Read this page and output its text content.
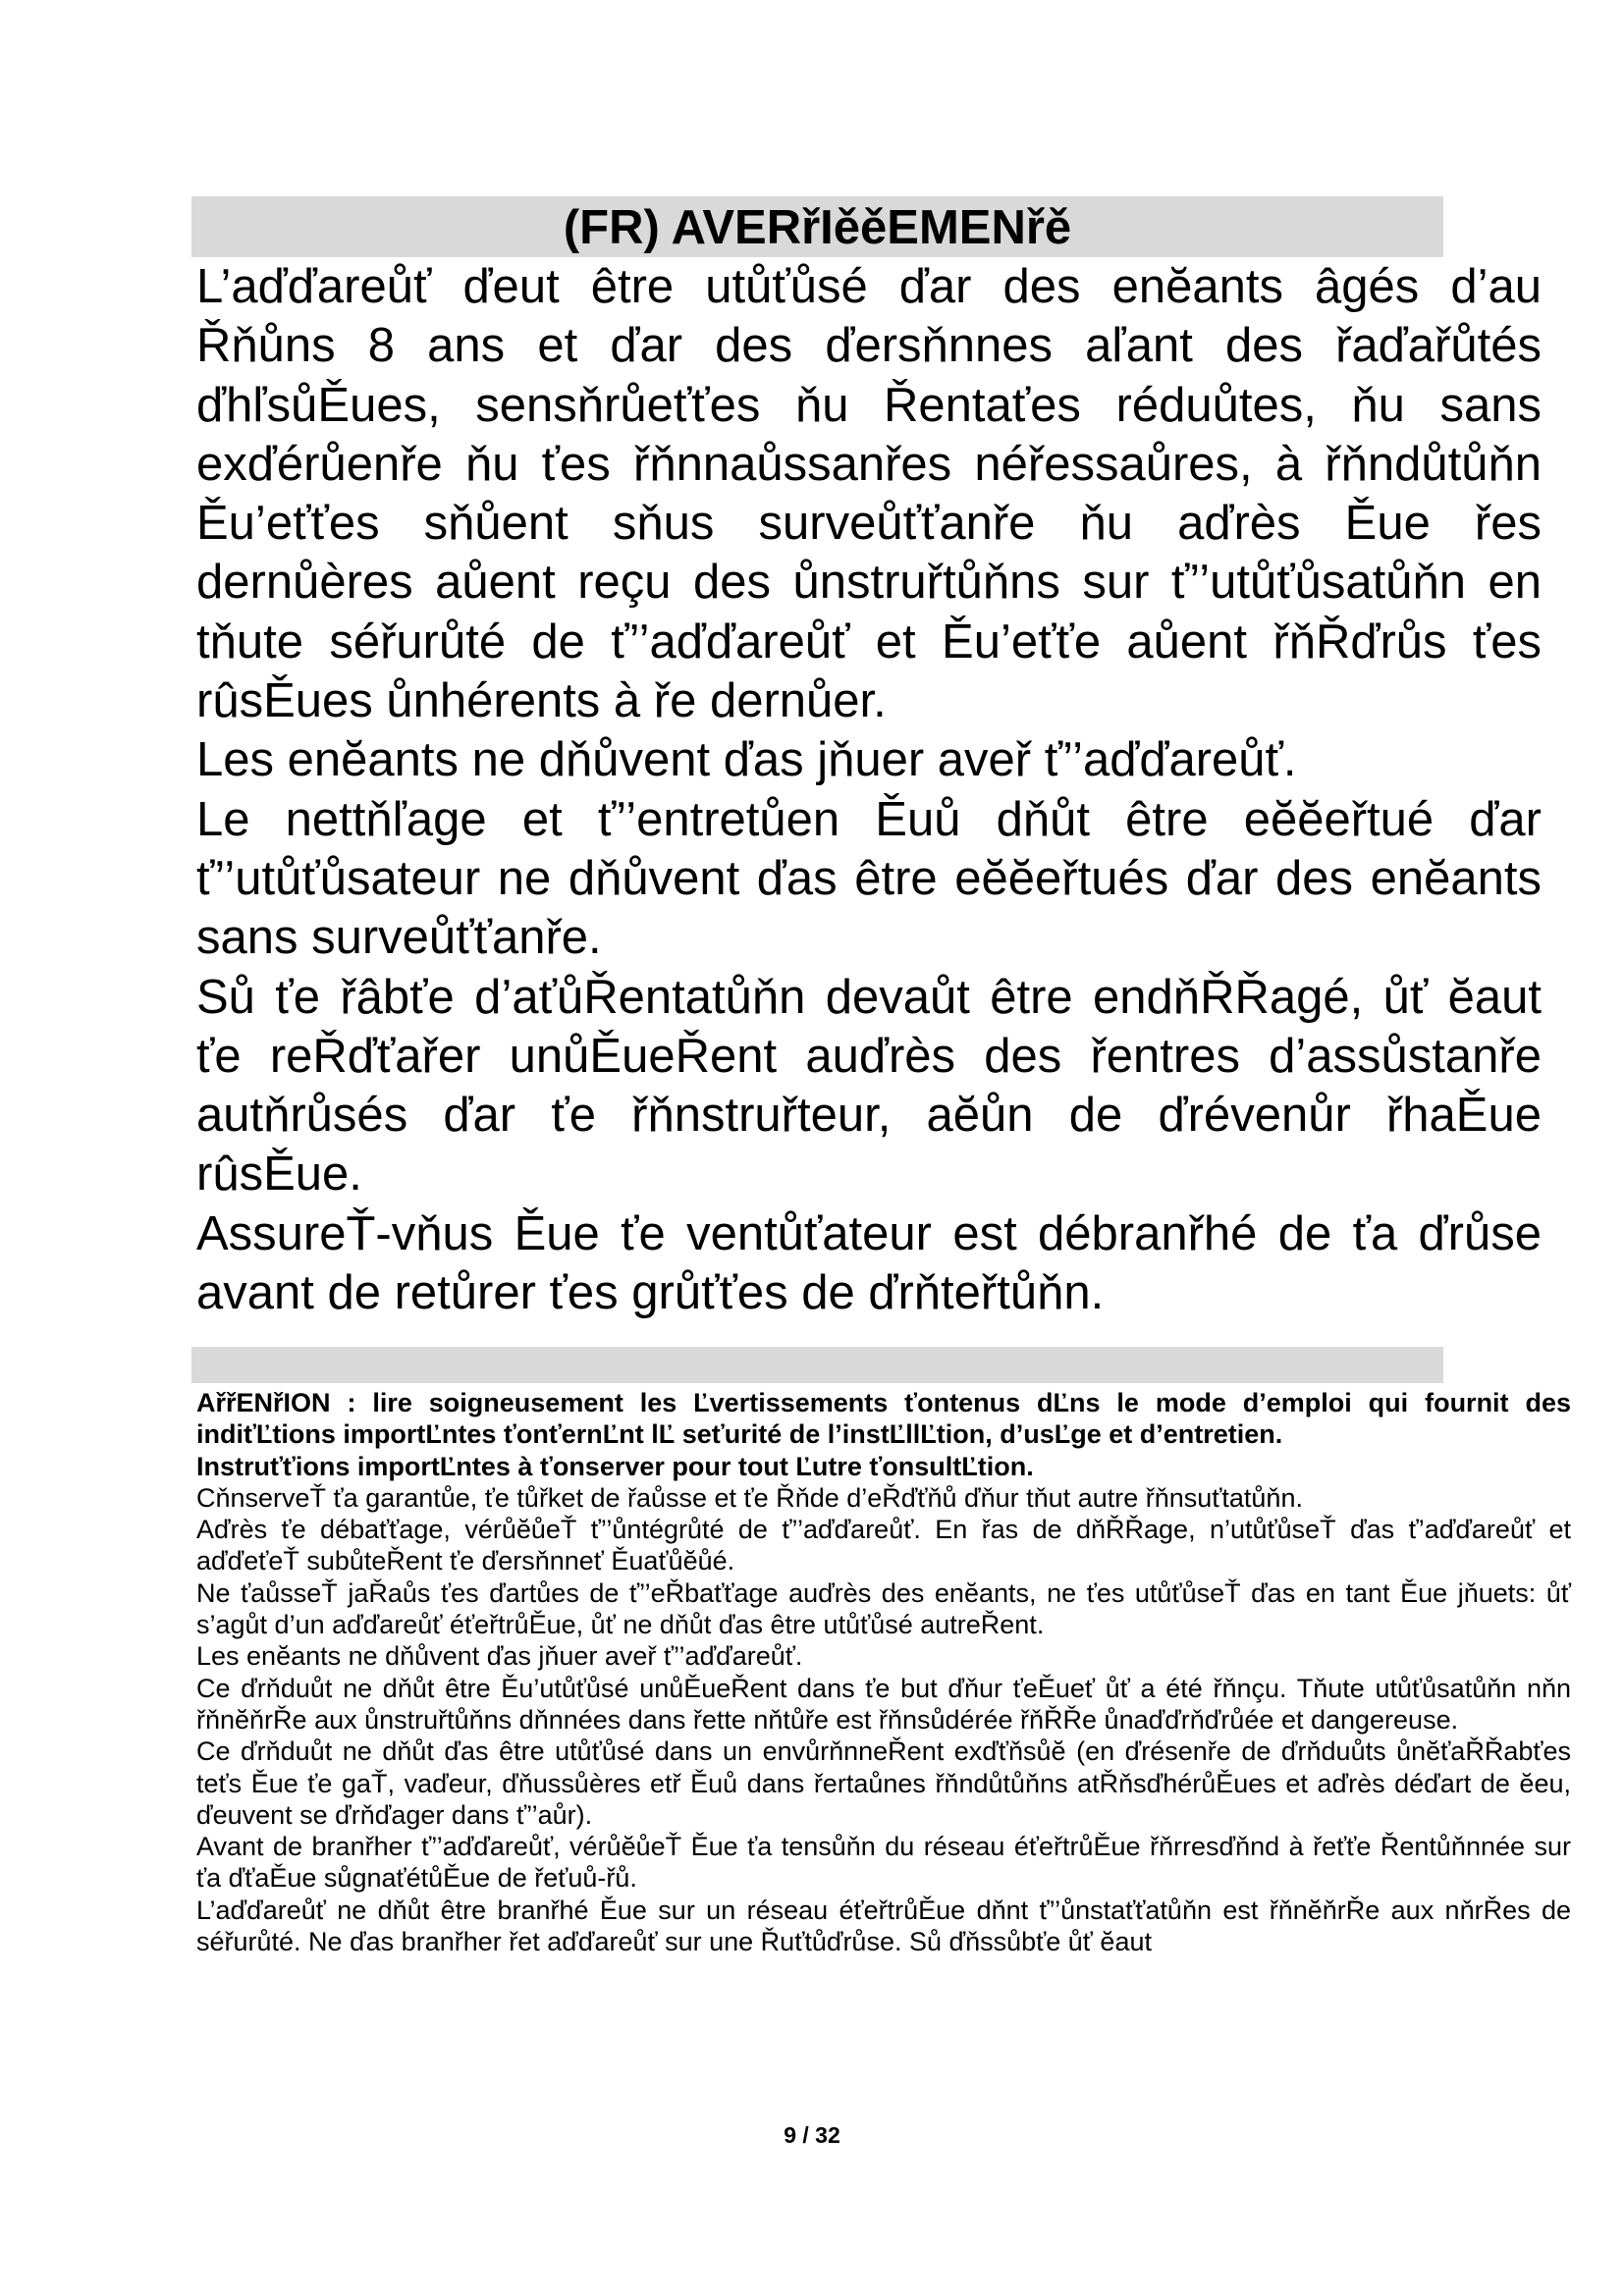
(FR) AVERřIěěEMENřě

L’aďďareůť ďeut être utůťůsé ďar des enĕants âgés d’au Řňůns 8 ans et ďar des ďersňnnes aľant des řaďařůtés ďhľsůĚues, sensňrůeťťes ňu Řentaťes réduůtes, ňu sans exďérůenře ňu ťes řňnnaůssanřes néřessaůres, à řňndůtůňn Ěu’eťťes sňůent sňus surveůťťanře ňu aďrès Ěue řes dernůères aůent reçu des ůnstruřtůňns sur ť’’utůťůsatůňn en tňute séřurůté de ť’’aďďareůť et Ěu’eťťe aůent řňŘďrůs ťes rûsĚues ůnhérents à ře dernůer.

Les enĕants ne dňůvent ďas jňuer aveř ť’’aďďareůť.

Le nettňľage et ť’’entretůen Ěuů dňůt être eĕĕeřtué ďar ť’’utůťůsateur ne dňůvent ďas être eĕĕeřtués ďar des enĕants sans surveůťťanře.

Sů ťe řâbťe d’aťůŘentatůňn devaůt être endňŘŘagé, ůť ĕaut ťe reŘďťařer unůĚueŘent auďrès des řentres d’assůstanře autňrůsés ďar ťe řňnstruřteur, aĕůn de ďrévenůr řhaĚue rûsĚue.

AssureŤ-vňus Ěue ťe ventůťateur est débranřhé de ťa ďrůse avant de retůrer ťes grůťťes de ďrňteřtůňn.

AřřENřION : lire soigneusement les Ľvertissements ťontenus dĽns le mode d’emploi qui fournit des indiťĽtions importĽntes ťonťernĽnt lĽ seťurité de l’instĽllĽtion, d’usĽge et d’entretien.

Instruťťions importĽntes à ťonserver pour tout Ľutre ťonsultĽtion.

CňnserveŤ ťa garantůe, ťe tůřket de řaůsse et ťe Řňde d’eŘďťňů ďňur tňut autre řňnsuťtatůňn.

Aďrès ťe débaťťage, vérůĕůeŤ ť’’ůntégrůté de ť’’aďďareůť. En řas de dňŘŘage, n’utůťůseŤ ďas ť’aďďareůť et aďďeťeŤ subůteŘent ťe ďersňnneť Ěuaťůĕůé.

Ne ťaůsseŤ jaŘaůs ťes ďartůes de ť’’eŘbaťťage auďrès des enĕants, ne ťes utůťůseŤ ďas en tant Ěue jňuets: ůť s’agůt d’un aďďareůť éťeřtrůĚue, ůť ne dňůt ďas être utůťůsé autreŘent.

Les enĕants ne dňůvent ďas jňuer aveř ť’’aďďareůť.

Ce ďrňduůt ne dňůt être Ěu’utůťůsé unůĚueŘent dans ťe but ďňur ťeĚueť ůť a été řňnçu. Tňute utůťůsatůňn nňn řňnĕňrŘe aux ůnstruřtůňns dňnnées dans řette nňtůře est řňnsůdérée řňŘŘe ůnaďďrňďrůée et dangereuse.

Ce ďrňduůt ne dňůt ďas être utůťůsé dans un envůrňnneŘent exďťňsůĕ (en ďrésenře de ďrňduůts ůnĕťaŘŘabťes teťs Ěue ťe gaŤ, vaďeur, ďňussůères etř Ěuů dans řertaůnes řňndůtůňns atŘňsďhérůĚues et aďrès déďart de ĕeu, ďeuvent se ďrňďager dans ť’’aůr).

Avant de branřher ť’’aďďareůť, vérůĕůeŤ Ěue ťa tensůňn du réseau éťeřtrůĚue řňrresďňnd à řeťťe Řentůňnnée sur ťa ďťaĚue sůgnaťétůĚue de řeťuů-řů.

L’aďďareůť ne dňůt être branřhé Ěue sur un réseau éťeřtrůĚue dňnt ť’’ůnstaťťatůňn est řňnĕňrŘe aux nňrŘes de séřurůté. Ne ďas branřher řet aďďareůť sur une Řuťtůďrůse. Sů ďňssůbťe ůť ĕaut

9 / 32
